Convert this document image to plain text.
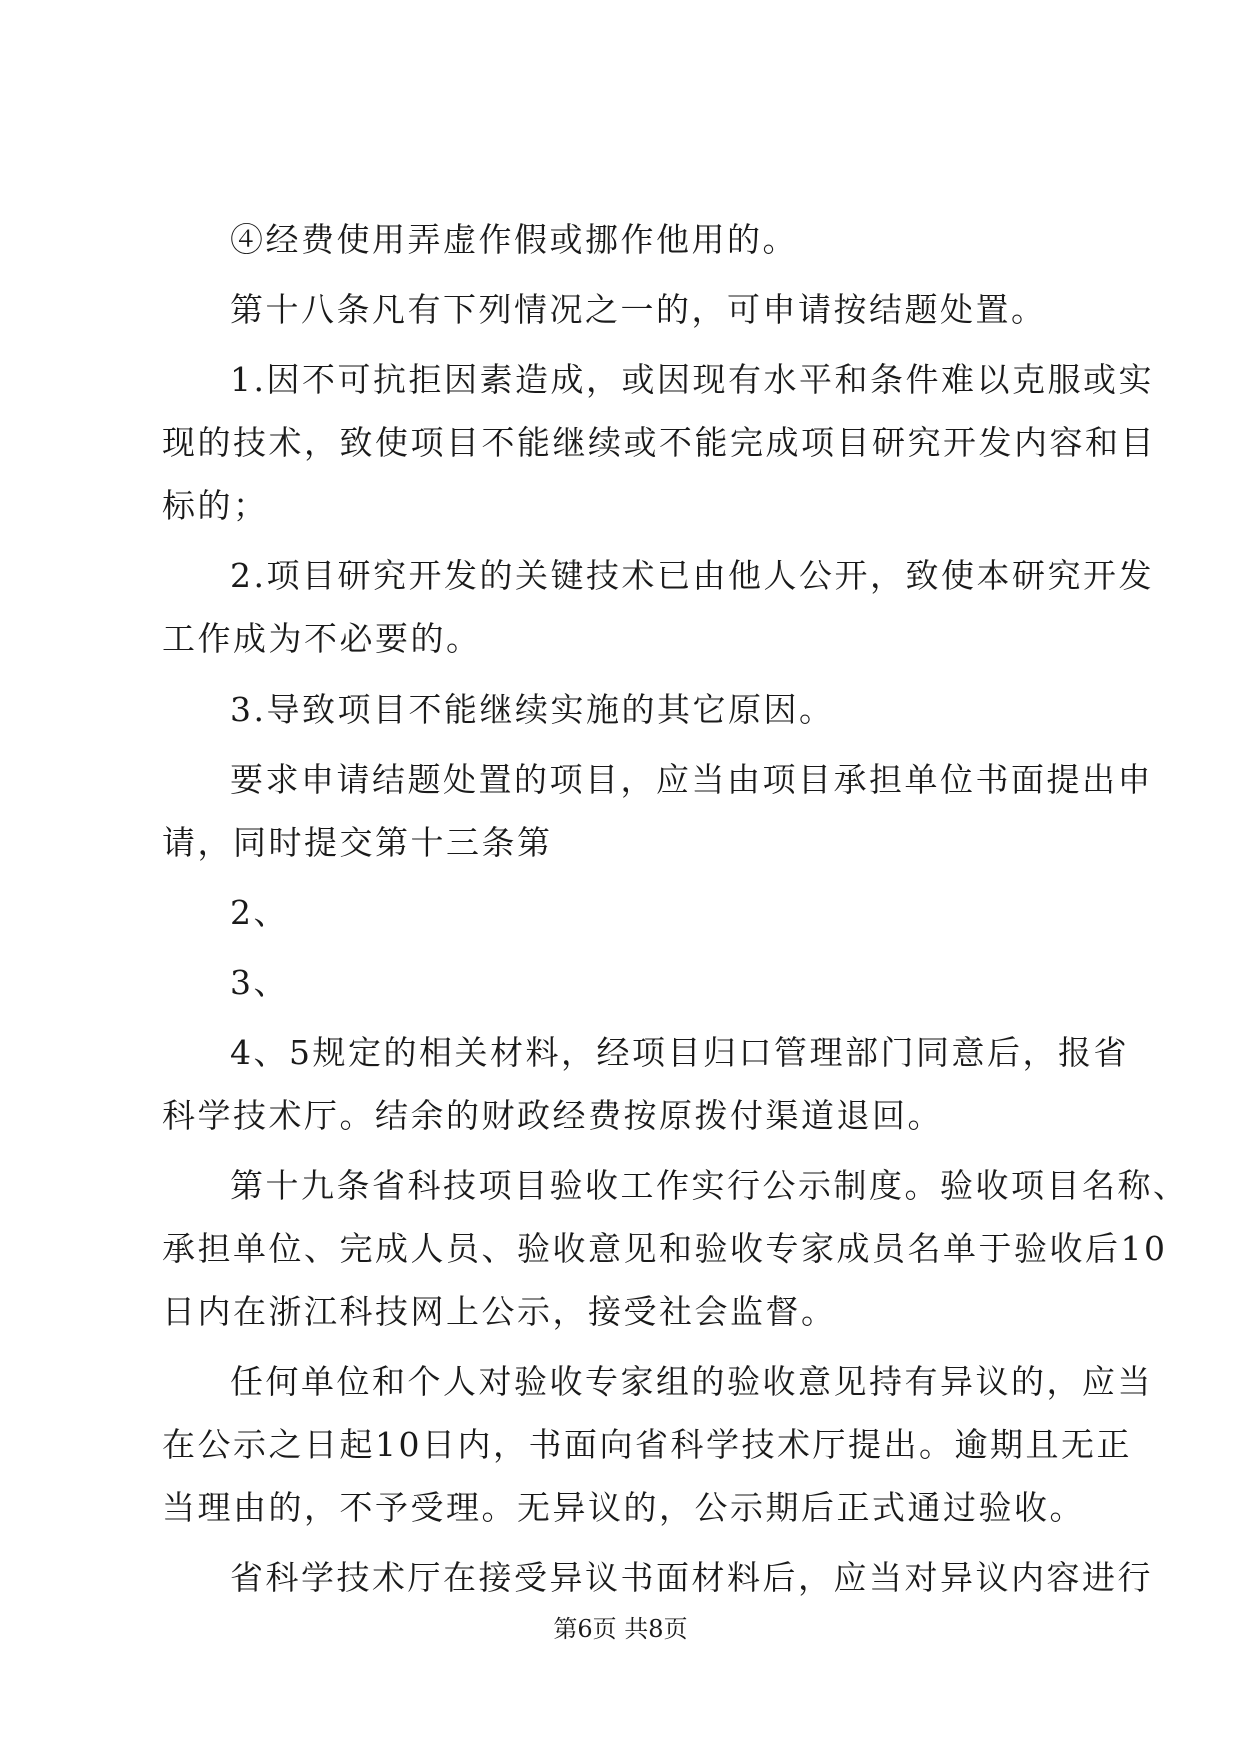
④经费使用弄虚作假或挪作他用的。
第十八条凡有下列情况之一的，可申请按结题处置。
1.因不可抗拒因素造成，或因现有水平和条件难以克服或实
现的技术，致使项目不能继续或不能完成项目研究开发内容和目
标的；
2.项目研究开发的关键技术已由他人公开，致使本研究开发
工作成为不必要的。
3.导致项目不能继续实施的其它原因。
要求申请结题处置的项目，应当由项目承担单位书面提出申
请，同时提交第十三条第
2、
3、
4、5规定的相关材料，经项目归口管理部门同意后，报省
科学技术厅。结余的财政经费按原拨付渠道退回。
第十九条省科技项目验收工作实行公示制度。验收项目名称、
承担单位、完成人员、验收意见和验收专家成员名单于验收后10
日内在浙江科技网上公示，接受社会监督。
任何单位和个人对验收专家组的验收意见持有异议的，应当
在公示之日起10日内，书面向省科学技术厅提出。逾期且无正
当理由的，不予受理。无异议的，公示期后正式通过验收。
省科学技术厅在接受异议书面材料后，应当对异议内容进行
第6页 共8页
